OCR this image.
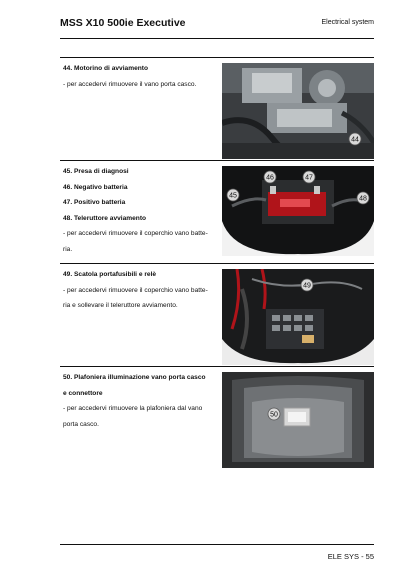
MSS X10 500ie Executive	Electrical system
44. Motorino di avviamento
- per accedervi rimuovere il vano porta casco.
44
45. Presa di diagnosi
46. Negativo batteria
47. Positivo batteria
48. Teleruttore avviamento
- per accedervi rimuovere il coperchio vano batte-
ria.
45
46	47
48
49. Scatola portafusibili e relè
- per accedervi rimuovere il coperchio vano batte-
ria e sollevare il teleruttore avviamento.
49
50. Plafoniera illuminazione vano porta casco
e connettore
- per accedervi rimuovere la plafoniera dal vano
porta casco.
50
ELE SYS - 55
